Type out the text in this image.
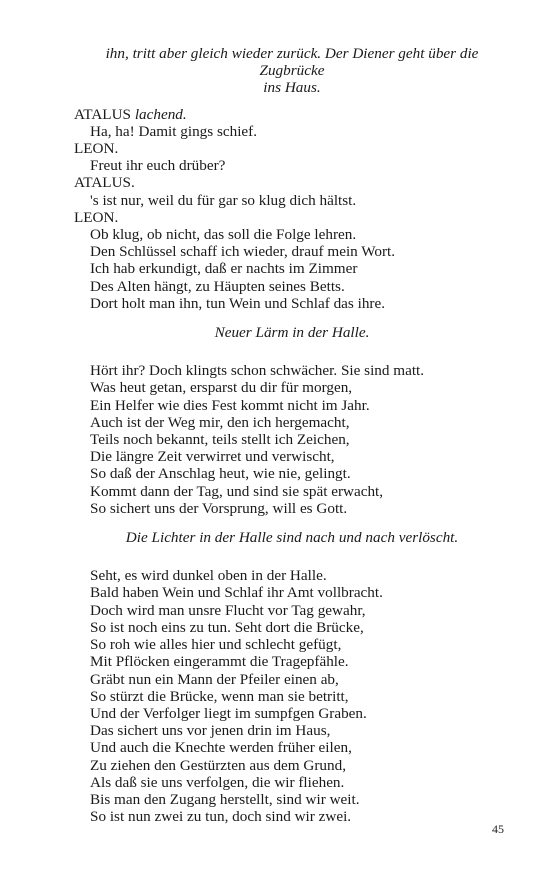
ihn, tritt aber gleich wieder zurück. Der Diener geht über die Zugbrücke
ins Haus.
ATALUS lachend.
Ha, ha! Damit gings schief.
LEON.
Freut ihr euch drüber?
ATALUS.
's ist nur, weil du für gar so klug dich hältst.
LEON.
Ob klug, ob nicht, das soll die Folge lehren.
Den Schlüssel schaff ich wieder, drauf mein Wort.
Ich hab erkundigt, daß er nachts im Zimmer
Des Alten hängt, zu Häupten seines Betts.
Dort holt man ihn, tun Wein und Schlaf das ihre.
Neuer Lärm in der Halle.
Hört ihr? Doch klingts schon schwächer. Sie sind matt.
Was heut getan, ersparst du dir für morgen,
Ein Helfer wie dies Fest kommt nicht im Jahr.
Auch ist der Weg mir, den ich hergemacht,
Teils noch bekannt, teils stellt ich Zeichen,
Die längre Zeit verwirret und verwischt,
So daß der Anschlag heut, wie nie, gelingt.
Kommt dann der Tag, und sind sie spät erwacht,
So sichert uns der Vorsprung, will es Gott.
Die Lichter in der Halle sind nach und nach verlöscht.
Seht, es wird dunkel oben in der Halle.
Bald haben Wein und Schlaf ihr Amt vollbracht.
Doch wird man unsre Flucht vor Tag gewahr,
So ist noch eins zu tun. Seht dort die Brücke,
So roh wie alles hier und schlecht gefügt,
Mit Pflöcken eingerammt die Tragepfähle.
Gräbt nun ein Mann der Pfeiler einen ab,
So stürzt die Brücke, wenn man sie betritt,
Und der Verfolger liegt im sumpfgen Graben.
Das sichert uns vor jenen drin im Haus,
Und auch die Knechte werden früher eilen,
Zu ziehen den Gestürzten aus dem Grund,
Als daß sie uns verfolgen, die wir fliehen.
Bis man den Zugang herstellt, sind wir weit.
So ist nun zwei zu tun, doch sind wir zwei.
45
